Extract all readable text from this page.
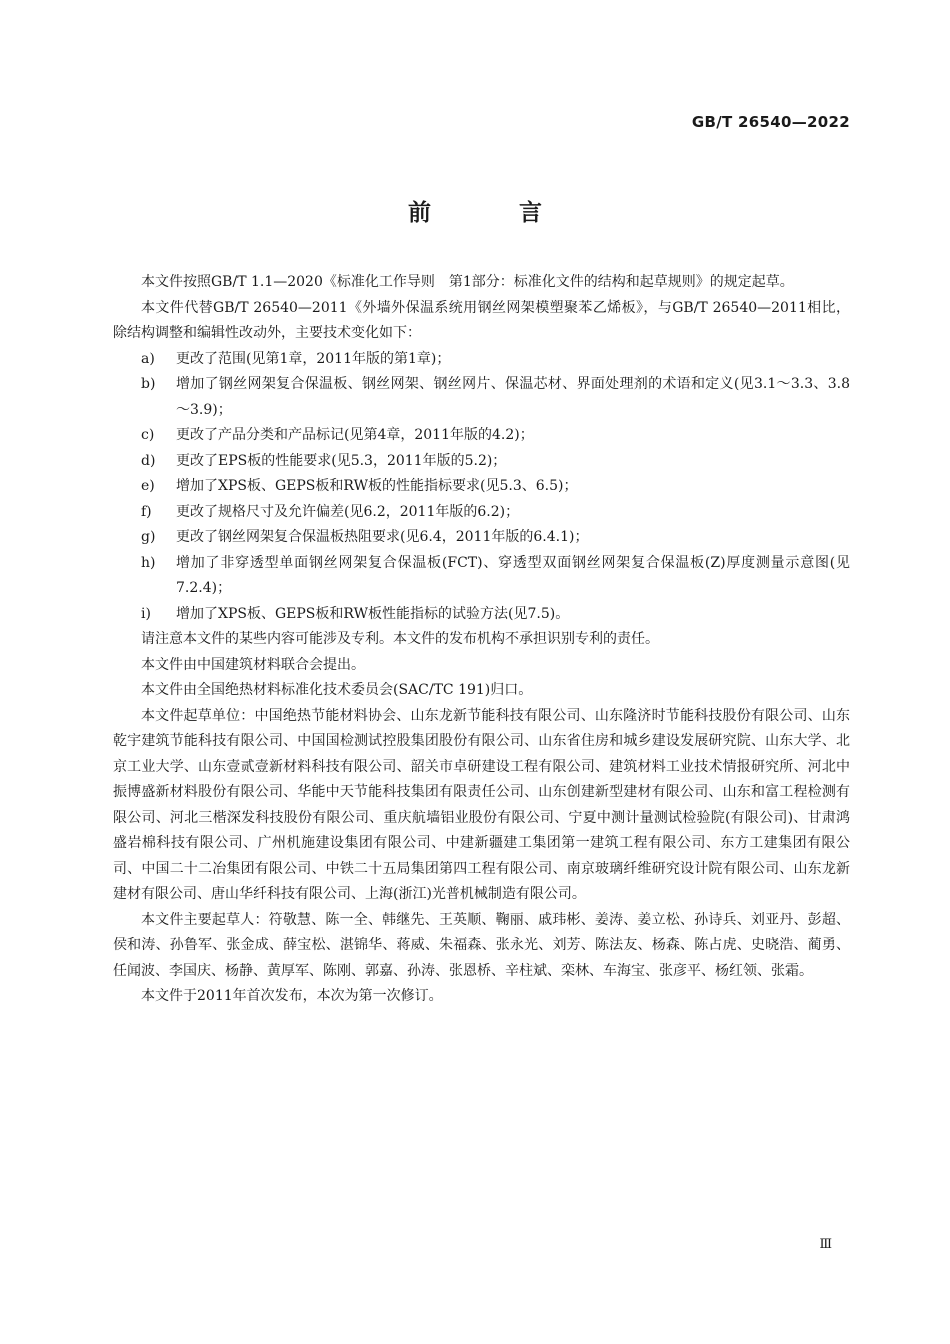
GB/T 26540—2022
前 言

本文件按照GB/T 1.1—2020《标准化工作导则　第1部分：标准化文件的结构和起草规则》的规定起草。

本文件代替GB/T 26540—2011《外墙外保温系统用钢丝网架模塑聚苯乙烯板》，与GB/T 26540—2011相比，除结构调整和编辑性改动外，主要技术变化如下：

a)	更改了范围(见第1章，2011年版的第1章)；
b)	增加了钢丝网架复合保温板、钢丝网架、钢丝网片、保温芯材、界面处理剂的术语和定义(见3.1～3.3、3.8～3.9)；
c)	更改了产品分类和产品标记(见第4章，2011年版的4.2)；
d)	更改了EPS板的性能要求(见5.3，2011年版的5.2)；
e)	增加了XPS板、GEPS板和RW板的性能指标要求(见5.3、6.5)；
f)	更改了规格尺寸及允许偏差(见6.2，2011年版的6.2)；
g)	更改了钢丝网架复合保温板热阻要求(见6.4，2011年版的6.4.1)；
h)	增加了非穿透型单面钢丝网架复合保温板(FCT)、穿透型双面钢丝网架复合保温板(Z)厚度测量示意图(见7.2.4)；
i)	增加了XPS板、GEPS板和RW板性能指标的试验方法(见7.5)。

请注意本文件的某些内容可能涉及专利。本文件的发布机构不承担识别专利的责任。

本文件由中国建筑材料联合会提出。

本文件由全国绝热材料标准化技术委员会(SAC/TC 191)归口。

本文件起草单位：中国绝热节能材料协会、山东龙新节能科技有限公司、山东隆济时节能科技股份有限公司、山东乾宇建筑节能科技有限公司、中国国检测试控股集团股份有限公司、山东省住房和城乡建设发展研究院、山东大学、北京工业大学、山东壹贰壹新材料科技有限公司、韶关市卓研建设工程有限公司、建筑材料工业技术情报研究所、河北中振博盛新材料股份有限公司、华能中天节能科技集团有限责任公司、山东创建新型建材有限公司、山东和富工程检测有限公司、河北三楷深发科技股份有限公司、重庆航墙铝业股份有限公司、宁夏中测计量测试检验院(有限公司)、甘肃鸿盛岩棉科技有限公司、广州机施建设集团有限公司、中建新疆建工集团第一建筑工程有限公司、东方工建集团有限公司、中国二十二冶集团有限公司、中铁二十五局集团第四工程有限公司、南京玻璃纤维研究设计院有限公司、山东龙新建材有限公司、唐山华纤科技有限公司、上海(浙江)光普机械制造有限公司。

本文件主要起草人：符敬慧、陈一全、韩继先、王英顺、鞠丽、戚玮彬、姜涛、姜立松、孙诗兵、刘亚丹、彭超、侯和涛、孙鲁军、张金成、薛宝松、湛锦华、蒋威、朱福森、张永光、刘芳、陈法友、杨森、陈占虎、史晓浩、蔺勇、任闻波、李国庆、杨静、黄厚军、陈刚、郭嘉、孙涛、张恩桥、辛柱斌、栾林、车海宝、张彦平、杨红领、张霜。

本文件于2011年首次发布，本次为第一次修订。

Ⅲ
